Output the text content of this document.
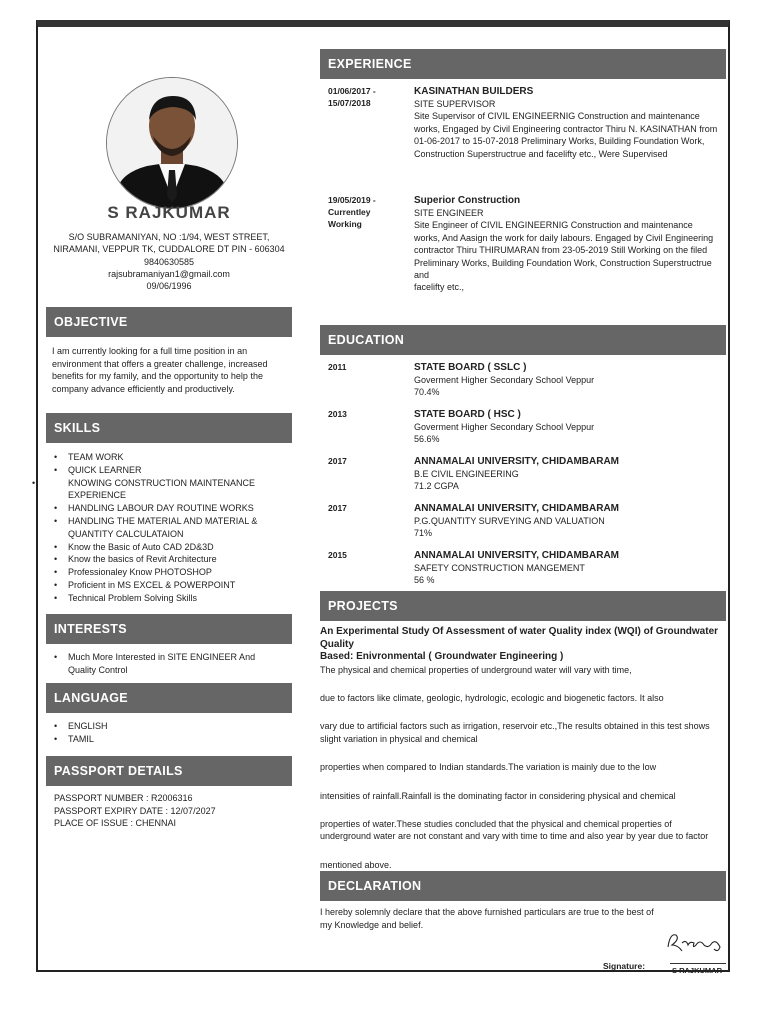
S RAJKUMAR
S/O SUBRAMANIYAN, NO :1/94, WEST STREET,
NIRAMANI, VEPPUR TK, CUDDALORE DT PIN - 606304
9840630585
rajsubramaniyan1@gmail.com
09/06/1996
OBJECTIVE
I am currently looking for a full time position in an environment that offers a greater challenge, increased benefits for my family, and the opportunity to help the company advance efficiently and productively.
SKILLS
• TEAM WORK
• QUICK LEARNER
• KNOWING CONSTRUCTION MAINTENANCE EXPERIENCE
• HANDLING LABOUR DAY ROUTINE WORKS
• HANDLING THE MATERIAL AND MATERIAL & QUANTITY CALCULATAION
• Know the Basic of Auto CAD 2D&3D
• Know the basics of Revit Architecture
• Professionaley Know PHOTOSHOP
• Proficient in MS EXCEL & POWERPOINT
• Technical Problem Solving Skills
INTERESTS
• Much More Interested in SITE ENGINEER And Quality Control
LANGUAGE
• ENGLISH
• TAMIL
PASSPORT DETAILS
PASSPORT NUMBER : R2006316
PASSPORT EXPIRY DATE : 12/07/2027
PLACE OF ISSUE : CHENNAI
EXPERIENCE
01/06/2017 -
15/07/2018
KASINATHAN BUILDERS
SITE SUPERVISOR
Site Supervisor of CIVIL ENGINEERNIG Construction and maintenance works, Engaged by Civil Engineering contractor Thiru N. KASINATHAN from
01-06-2017 to 15-07-2018 Preliminary Works, Building Foundation Work,
Construction Superstructrue and facelifty etc., Were Supervised
19/05/2019 -
Currentley
Working
Superior Construction
SITE ENGINEER
Site Engineer of CIVIL ENGINEERNIG Construction and maintenance works, And Aasign the work for daily labours. Engaged by Civil Engineering
contractor Thiru THIRUMARAN from 23-05-2019 Still Working on the filed
Preliminary Works, Building Foundation Work, Construction Superstructrue and
facelifty etc.,
EDUCATION
2011	STATE BOARD ( SSLC )
Goverment Higher Secondary School Veppur
70.4%
2013	STATE BOARD ( HSC )
Goverment Higher Secondary School Veppur
56.6%
2017	ANNAMALAI UNIVERSITY, CHIDAMBARAM
B.E CIVIL ENGINEERING
71.2 CGPA
2017	ANNAMALAI UNIVERSITY, CHIDAMBARAM
P.G.QUANTITY SURVEYING AND VALUATION
71%
2015	ANNAMALAI UNIVERSITY, CHIDAMBARAM
SAFETY CONSTRUCTION MANGEMENT
56 %
PROJECTS
An Experimental Study Of Assessment of water Quality index (WQI) of Groundwater Quality
Based: Enivronmental ( Groundwater Engineering )
The physical and chemical properties of underground water will vary with time,
due to factors like climate, geologic, hydrologic, ecologic and biogenetic factors. It also
vary due to artificial factors such as irrigation, reservoir etc.,The results obtained in this test shows slight variation in physical and chemical
properties when compared to Indian standards.The variation is mainly due to the low
intensities of rainfall.Rainfall is the dominating factor in considering physical and chemical
properties of water.These studies concluded that the physical and chemical properties of underground water are not constant and vary with time to time and also year by year due to factor
mentioned above.
DECLARATION
I hereby solemnly declare that the above furnished particulars are true to the best of my Knowledge and belief.
Signature:	S RAJKUMAR
